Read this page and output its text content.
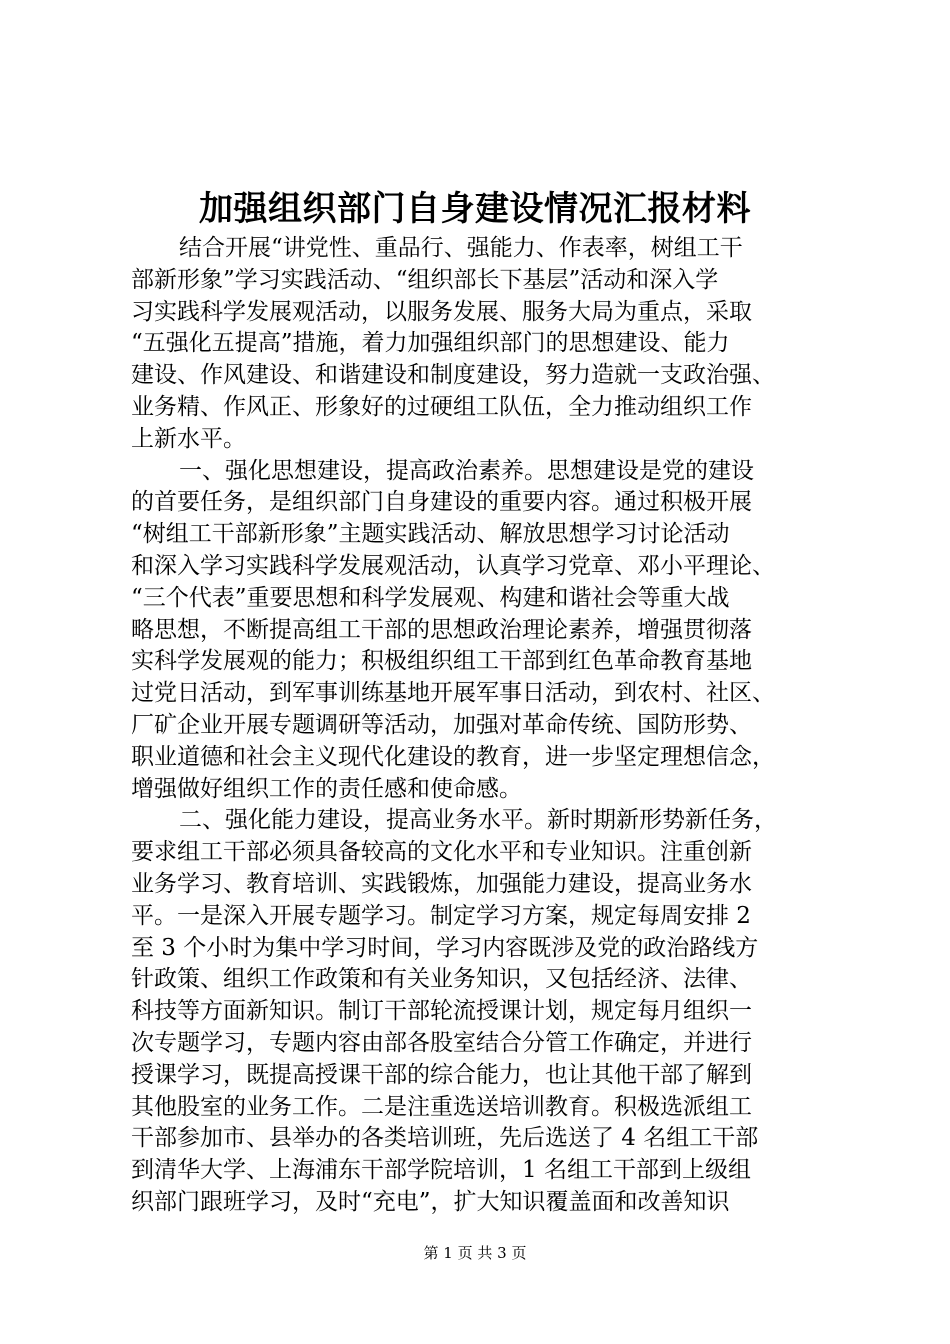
加强组织部门自身建设情况汇报材料
结合开展“讲党性、重品行、强能力、作表率，树组工干
部新形象”学习实践活动、“组织部长下基层”活动和深入学
习实践科学发展观活动，以服务发展、服务大局为重点，采取
“五强化五提高”措施，着力加强组织部门的思想建设、能力
建设、作风建设、和谐建设和制度建设，努力造就一支政治强、
业务精、作风正、形象好的过硬组工队伍，全力推动组织工作
上新水平。
一、强化思想建设，提高政治素养。思想建设是党的建设
的首要任务，是组织部门自身建设的重要内容。通过积极开展
“树组工干部新形象”主题实践活动、解放思想学习讨论活动
和深入学习实践科学发展观活动，认真学习党章、邓小平理论、
“三个代表”重要思想和科学发展观、构建和谐社会等重大战
略思想，不断提高组工干部的思想政治理论素养，增强贯彻落
实科学发展观的能力；积极组织组工干部到红色革命教育基地
过党日活动，到军事训练基地开展军事日活动，到农村、社区、
厂矿企业开展专题调研等活动，加强对革命传统、国防形势、
职业道德和社会主义现代化建设的教育，进一步坚定理想信念，
增强做好组织工作的责任感和使命感。
二、强化能力建设，提高业务水平。新时期新形势新任务，
要求组工干部必须具备较高的文化水平和专业知识。注重创新
业务学习、教育培训、实践锻炼，加强能力建设，提高业务水
平。一是深入开展专题学习。制定学习方案，规定每周安排 2
至 3 个小时为集中学习时间，学习内容既涉及党的政治路线方
针政策、组织工作政策和有关业务知识，又包括经济、法律、
科技等方面新知识。制订干部轮流授课计划，规定每月组织一
次专题学习，专题内容由部各股室结合分管工作确定，并进行
授课学习，既提高授课干部的综合能力，也让其他干部了解到
其他股室的业务工作。二是注重选送培训教育。积极选派组工
干部参加市、县举办的各类培训班，先后选送了 4 名组工干部
到清华大学、上海浦东干部学院培训，1 名组工干部到上级组
织部门跟班学习，及时“充电”，扩大知识覆盖面和改善知识
第 1 页 共 3 页
